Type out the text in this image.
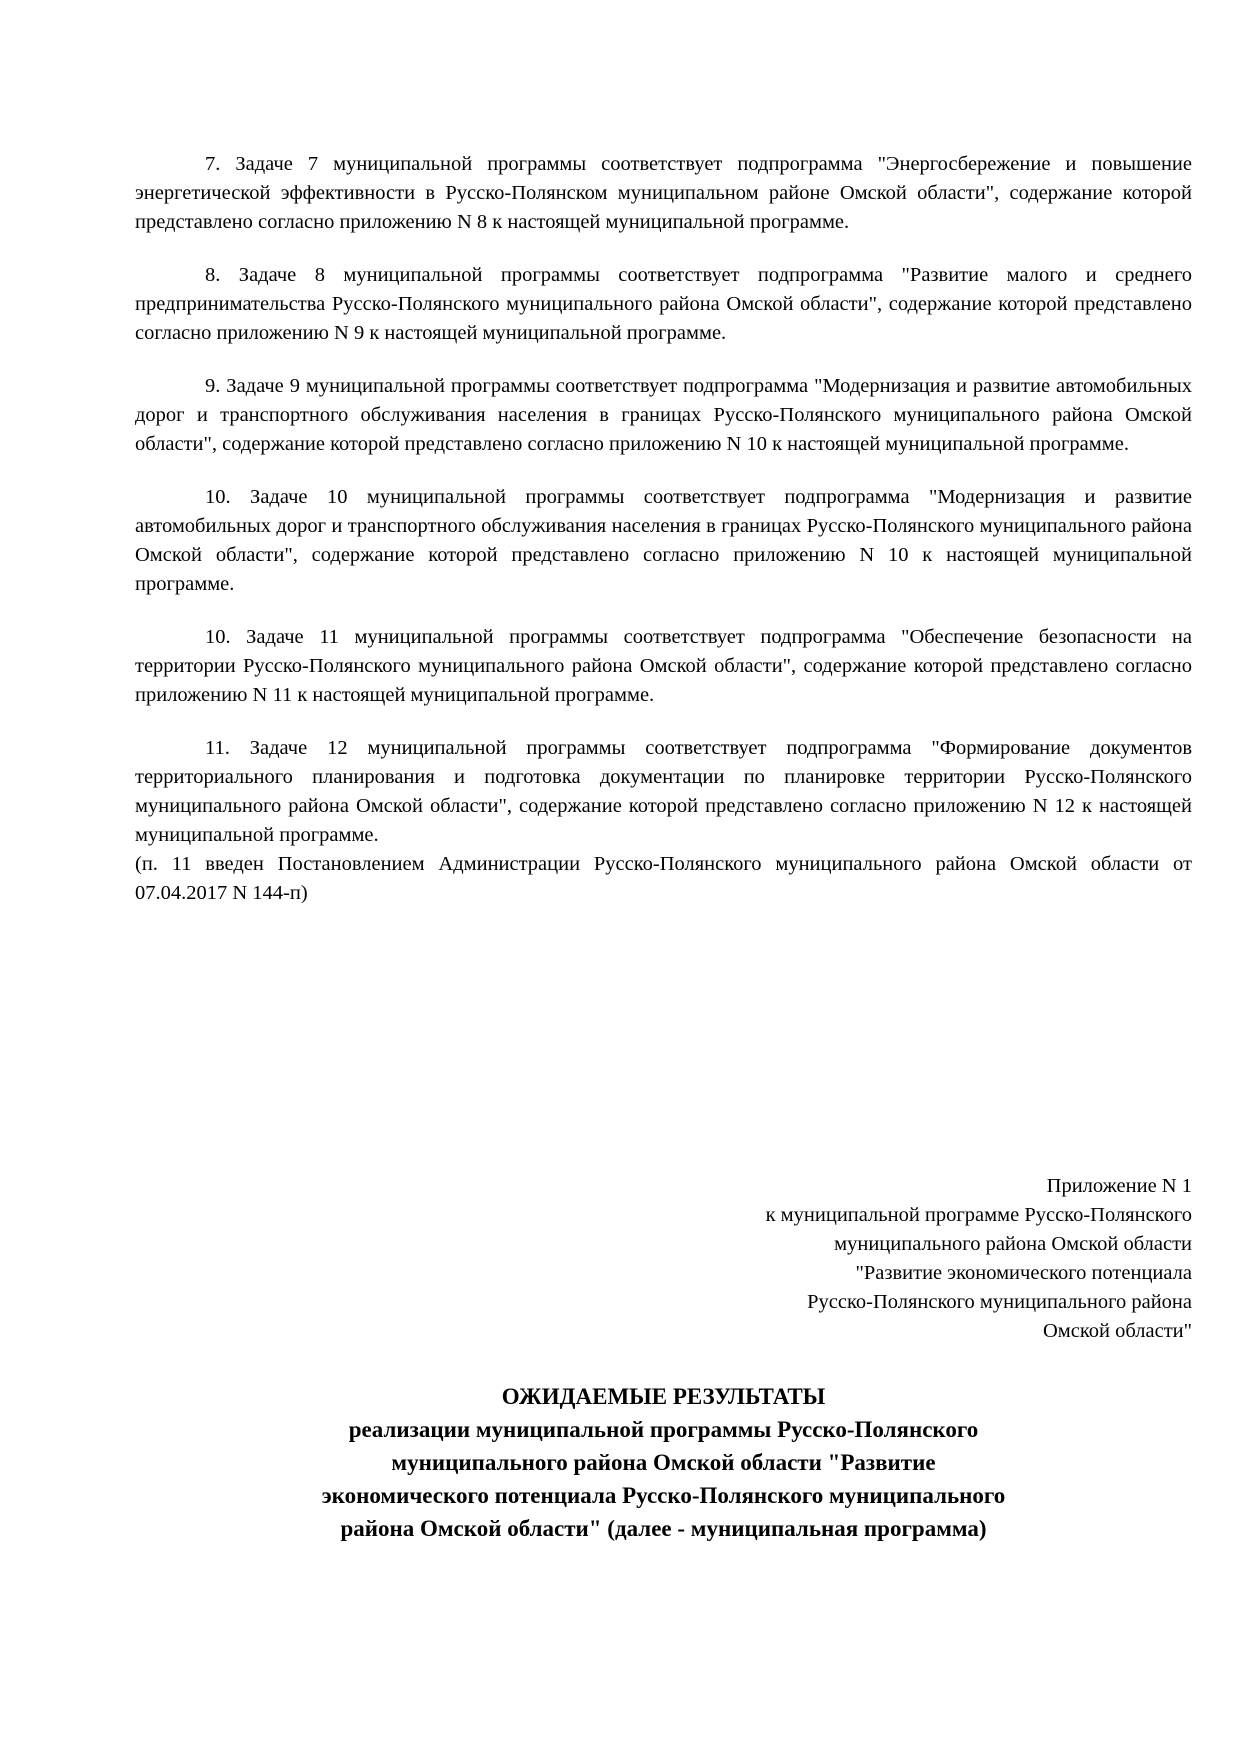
7. Задаче 7 муниципальной программы соответствует подпрограмма "Энергосбережение и повышение энергетической эффективности в Русско-Полянском муниципальном районе Омской области", содержание которой представлено согласно приложению N 8 к настоящей муниципальной программе.

8. Задаче 8 муниципальной программы соответствует подпрограмма "Развитие малого и среднего предпринимательства Русско-Полянского муниципального района Омской области", содержание которой представлено согласно приложению N 9 к настоящей муниципальной программе.

9. Задаче 9 муниципальной программы соответствует подпрограмма "Модернизация и развитие автомобильных дорог и транспортного обслуживания населения в границах Русско-Полянского муниципального района Омской области", содержание которой представлено согласно приложению N 10 к настоящей муниципальной программе.

10. Задаче 10 муниципальной программы соответствует подпрограмма "Модернизация и развитие автомобильных дорог и транспортного обслуживания населения в границах Русско-Полянского муниципального района Омской области", содержание которой представлено согласно приложению N 10 к настоящей муниципальной программе.

10. Задаче 11 муниципальной программы соответствует подпрограмма "Обеспечение безопасности на территории Русско-Полянского муниципального района Омской области", содержание которой представлено согласно приложению N 11 к настоящей муниципальной программе.

11. Задаче 12 муниципальной программы соответствует подпрограмма "Формирование документов территориального планирования и подготовка документации по планировке территории Русско-Полянского муниципального района Омской области", содержание которой представлено согласно приложению N 12 к настоящей муниципальной программе.

(п. 11 введен Постановлением Администрации Русско-Полянского муниципального района Омской области от 07.04.2017 N 144-п)

Приложение N 1
к муниципальной программе Русско-Полянского
муниципального района Омской области
"Развитие экономического потенциала
Русско-Полянского муниципального района
Омской области"
ОЖИДАЕМЫЕ РЕЗУЛЬТАТЫ
реализации муниципальной программы Русско-Полянского
муниципального района Омской области "Развитие
экономического потенциала Русско-Полянского муниципального
района Омской области" (далее - муниципальная программа)
